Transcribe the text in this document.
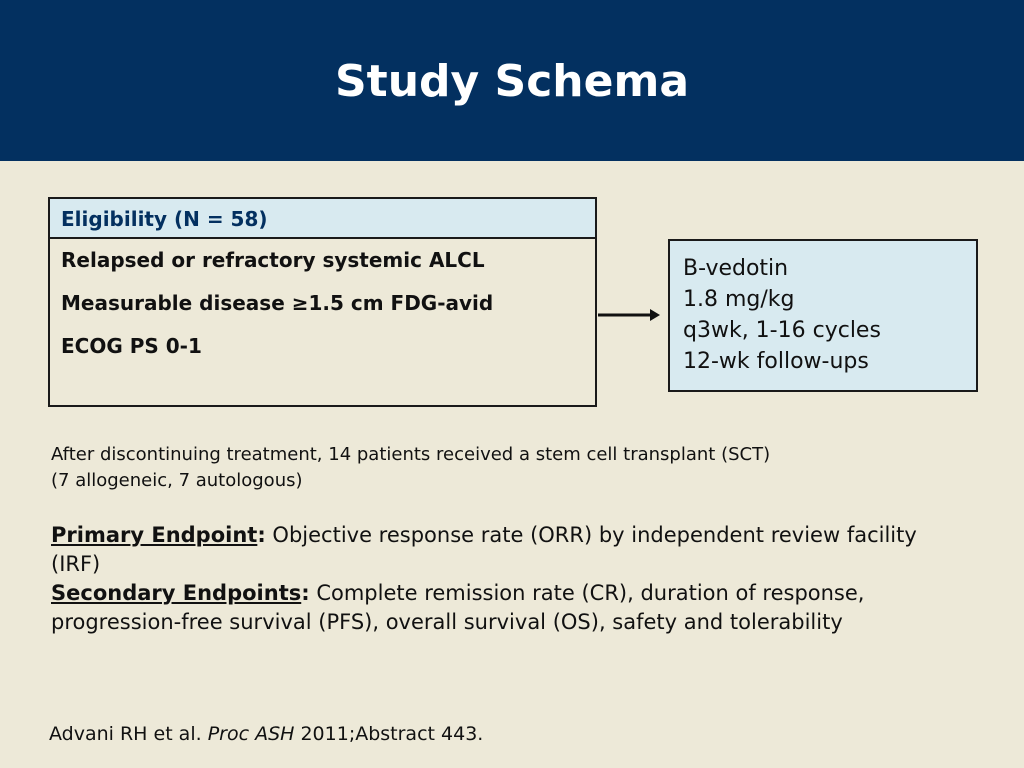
Study Schema
Eligibility (N = 58)
Relapsed or refractory systemic ALCL
Measurable disease ≥1.5 cm FDG-avid
ECOG PS 0-1
B-vedotin
1.8 mg/kg
q3wk, 1-16 cycles
12-wk follow-ups
After discontinuing treatment, 14 patients received a stem cell transplant (SCT)
(7 allogeneic, 7 autologous)
Primary Endpoint: Objective response rate (ORR) by independent review facility (IRF)
Secondary Endpoints: Complete remission rate (CR), duration of response, progression-free survival (PFS), overall survival (OS), safety and tolerability
Advani RH et al. Proc ASH 2011;Abstract 443.
